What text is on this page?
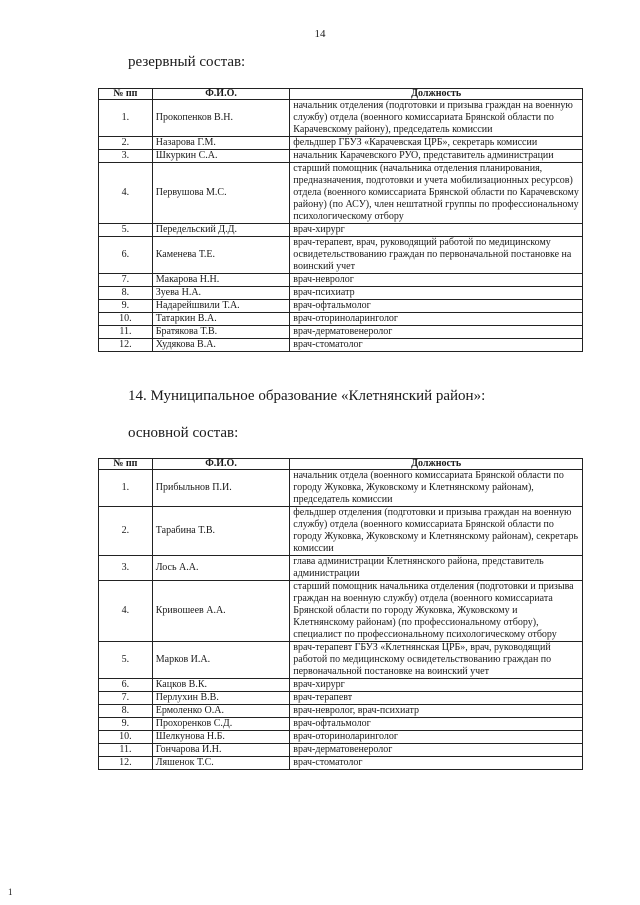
14
резервный состав:
№ пп	Ф.И.О.	Должность
1.	Прокопенков В.Н.	начальник отделения (подготовки и призыва граждан на военную службу) отдела (военного комиссариата Брянской области по Карачевскому району), председатель комиссии
2.	Назарова Г.М.	фельдшер ГБУЗ «Карачевская ЦРБ», секретарь комиссии
3.	Шкуркин С.А.	начальник Карачевского РУО, представитель администрации
4.	Первушова М.С.	старший помощник (начальника отделения планирования, предназначения, подготовки и учета мобилизационных ресурсов) отдела (военного комиссариата Брянской области по Карачевскому району) (по АСУ), член нештатной группы по профессиональному психологическому отбору
5.	Передельский Д.Д.	врач-хирург
6.	Каменева Т.Е.	врач-терапевт, врач, руководящий работой по медицинскому освидетельствованию граждан по первоначальной постановке на воинский учет
7.	Макарова Н.Н.	врач-невролог
8.	Зуева Н.А.	врач-психиатр
9.	Надарейшвили Т.А.	врач-офтальмолог
10.	Татаркин В.А.	врач-оториноларинголог
11.	Братякова Т.В.	врач-дерматовенеролог
12.	Худякова В.А.	врач-стоматолог
14. Муниципальное образование «Клетнянский район»:
основной состав:
№ пп	Ф.И.О.	Должность
1.	Прибыльнов П.И.	начальник отдела (военного комиссариата Брянской области по городу Жуковка, Жуковскому и Клетнянскому районам), председатель комиссии
2.	Тарабина Т.В.	фельдшер отделения (подготовки и призыва граждан на военную службу) отдела (военного комиссариата Брянской области по городу Жуковка, Жуковскому и Клетнянскому районам), секретарь комиссии
3.	Лось А.А.	глава администрации Клетнянского района, представитель администрации
4.	Кривошеев А.А.	старший помощник начальника отделения (подготовки и призыва граждан на военную службу) отдела (военного комиссариата Брянской области по городу Жуковка, Жуковскому и Клетнянскому районам) (по профессиональному отбору), специалист по профессиональному психологическому отбору
5.	Марков И.А.	врач-терапевт ГБУЗ «Клетнянская ЦРБ», врач, руководящий работой по медицинскому освидетельствованию граждан по первоначальной постановке на воинский учет
6.	Кацков В.К.	врач-хирург
7.	Перлухин В.В.	врач-терапевт
8.	Ермоленко О.А.	врач-невролог, врач-психиатр
9.	Прохоренков С.Д.	врач-офтальмолог
10.	Шелкунова Н.Б.	врач-оториноларинголог
11.	Гончарова И.Н.	врач-дерматовенеролог
12.	Ляшенок Т.С.	врач-стоматолог
1
